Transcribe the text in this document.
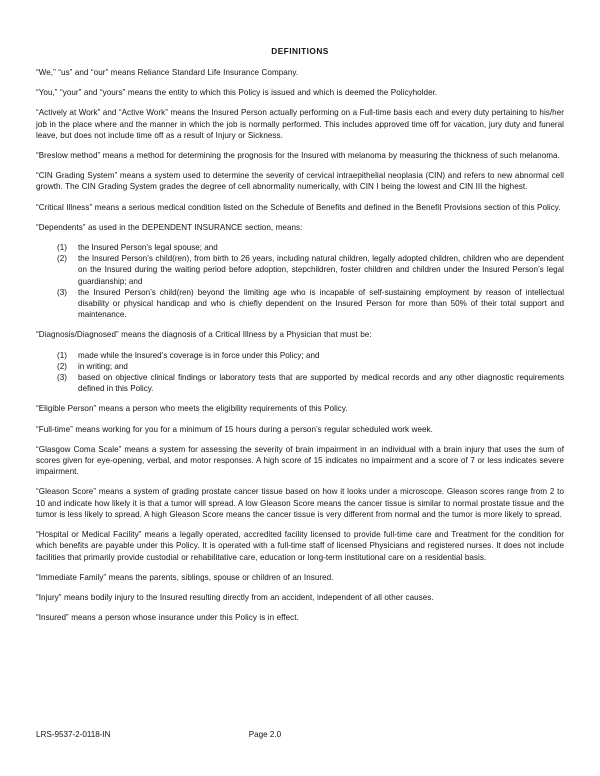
DEFINITIONS

“We,” “us” and “our” means Reliance Standard Life Insurance Company.

“You,” “your” and “yours” means the entity to which this Policy is issued and which is deemed the Policyholder.

“Actively at Work” and “Active Work” means the Insured Person actually performing on a Full-time basis each and every duty pertaining to his/her job in the place where and the manner in which the job is normally performed. This includes approved time off for vacation, jury duty and funeral leave, but does not include time off as a result of Injury or Sickness.

“Breslow method” means a method for determining the prognosis for the Insured with melanoma by measuring the thickness of such melanoma.

“CIN Grading System” means a system used to determine the severity of cervical intraepithelial neoplasia (CIN) and refers to new abnormal cell growth. The CIN Grading System grades the degree of cell abnormality numerically, with CIN I being the lowest and CIN III the highest.

“Critical Illness” means a serious medical condition listed on the Schedule of Benefits and defined in the Benefit Provisions section of this Policy.

“Dependents” as used in the DEPENDENT INSURANCE section, means:

(1)	the Insured Person’s legal spouse; and
(2)	the Insured Person’s child(ren), from birth to 26 years, including natural children, legally adopted children, children who are dependent on the Insured during the waiting period before adoption, stepchildren, foster children and children under the Insured Person’s legal guardianship; and
(3)	the Insured Person’s child(ren) beyond the limiting age who is incapable of self-sustaining employment by reason of intellectual disability or physical handicap and who is chiefly dependent on the Insured Person for more than 50% of their total support and maintenance.

“Diagnosis/Diagnosed” means the diagnosis of a Critical Illness by a Physician that must be:

(1)	made while the Insured’s coverage is in force under this Policy; and
(2)	in writing; and
(3)	based on objective clinical findings or laboratory tests that are supported by medical records and any other diagnostic requirements defined in this Policy.

“Eligible Person” means a person who meets the eligibility requirements of this Policy.

“Full-time” means working for you for a minimum of 15 hours during a person’s regular scheduled work week.

“Glasgow Coma Scale” means a system for assessing the severity of brain impairment in an individual with a brain injury that uses the sum of scores given for eye-opening, verbal, and motor responses. A high score of 15 indicates no impairment and a score of 7 or less indicates severe impairment.

“Gleason Score” means a system of grading prostate cancer tissue based on how it looks under a microscope. Gleason scores range from 2 to 10 and indicate how likely it is that a tumor will spread. A low Gleason Score means the cancer tissue is similar to normal prostate tissue and the tumor is less likely to spread. A high Gleason Score means the cancer tissue is very different from normal and the tumor is more likely to spread.

“Hospital or Medical Facility” means a legally operated, accredited facility licensed to provide full-time care and Treatment for the condition for which benefits are payable under this Policy. It is operated with a full-time staff of licensed Physicians and registered nurses. It does not include facilities that primarily provide custodial or rehabilitative care, education or long-term institutional care on a residential basis.

“Immediate Family” means the parents, siblings, spouse or children of an Insured.

“Injury” means bodily injury to the Insured resulting directly from an accident, independent of all other causes.

“Insured” means a person whose insurance under this Policy is in effect.

LRS-9537-2-0118-IN	Page 2.0
